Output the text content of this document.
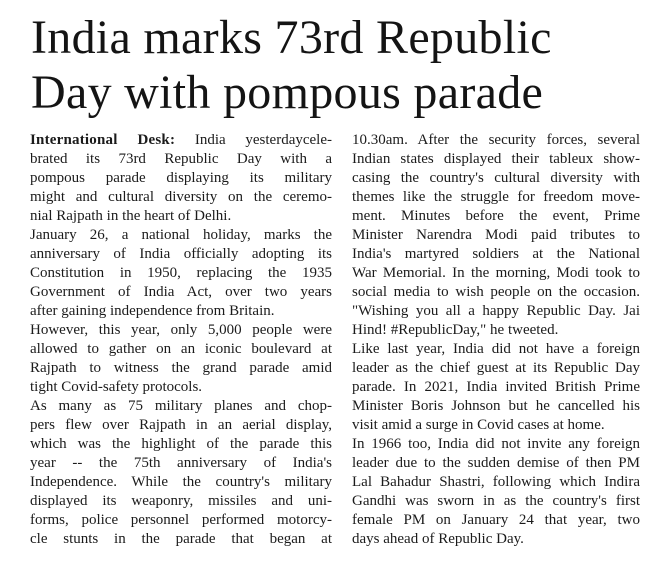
India marks 73rd Republic
Day with pompous parade
International Desk: India yesterdaycele-
brated its 73rd Republic Day with a
pompous parade displaying its military
might and cultural diversity on the ceremo-
nial Rajpath in the heart of Delhi.
January 26, a national holiday, marks the
anniversary of India officially adopting its
Constitution in 1950, replacing the 1935
Government of India Act, over two years
after gaining independence from Britain.
However, this year, only 5,000 people were
allowed to gather on an iconic boulevard at
Rajpath to witness the grand parade amid
tight Covid-safety protocols.
As many as 75 military planes and chop-
pers flew over Rajpath in an aerial display,
which was the highlight of the parade this
year -- the 75th anniversary of India's
Independence. While the country's military
displayed its weaponry, missiles and uni-
forms, police personnel performed motorcy-
cle stunts in the parade that began at
10.30am. After the security forces, several
Indian states displayed their tableux show-
casing the country's cultural diversity with
themes like the struggle for freedom move-
ment. Minutes before the event, Prime
Minister Narendra Modi paid tributes to
India's martyred soldiers at the National
War Memorial. In the morning, Modi took to
social media to wish people on the occasion.
"Wishing you all a happy Republic Day. Jai
Hind! #RepublicDay," he tweeted.
Like last year, India did not have a foreign
leader as the chief guest at its Republic Day
parade. In 2021, India invited British Prime
Minister Boris Johnson but he cancelled his
visit amid a surge in Covid cases at home.
In 1966 too, India did not invite any foreign
leader due to the sudden demise of then PM
Lal Bahadur Shastri, following which Indira
Gandhi was sworn in as the country's first
female PM on January 24 that year, two
days ahead of Republic Day.
